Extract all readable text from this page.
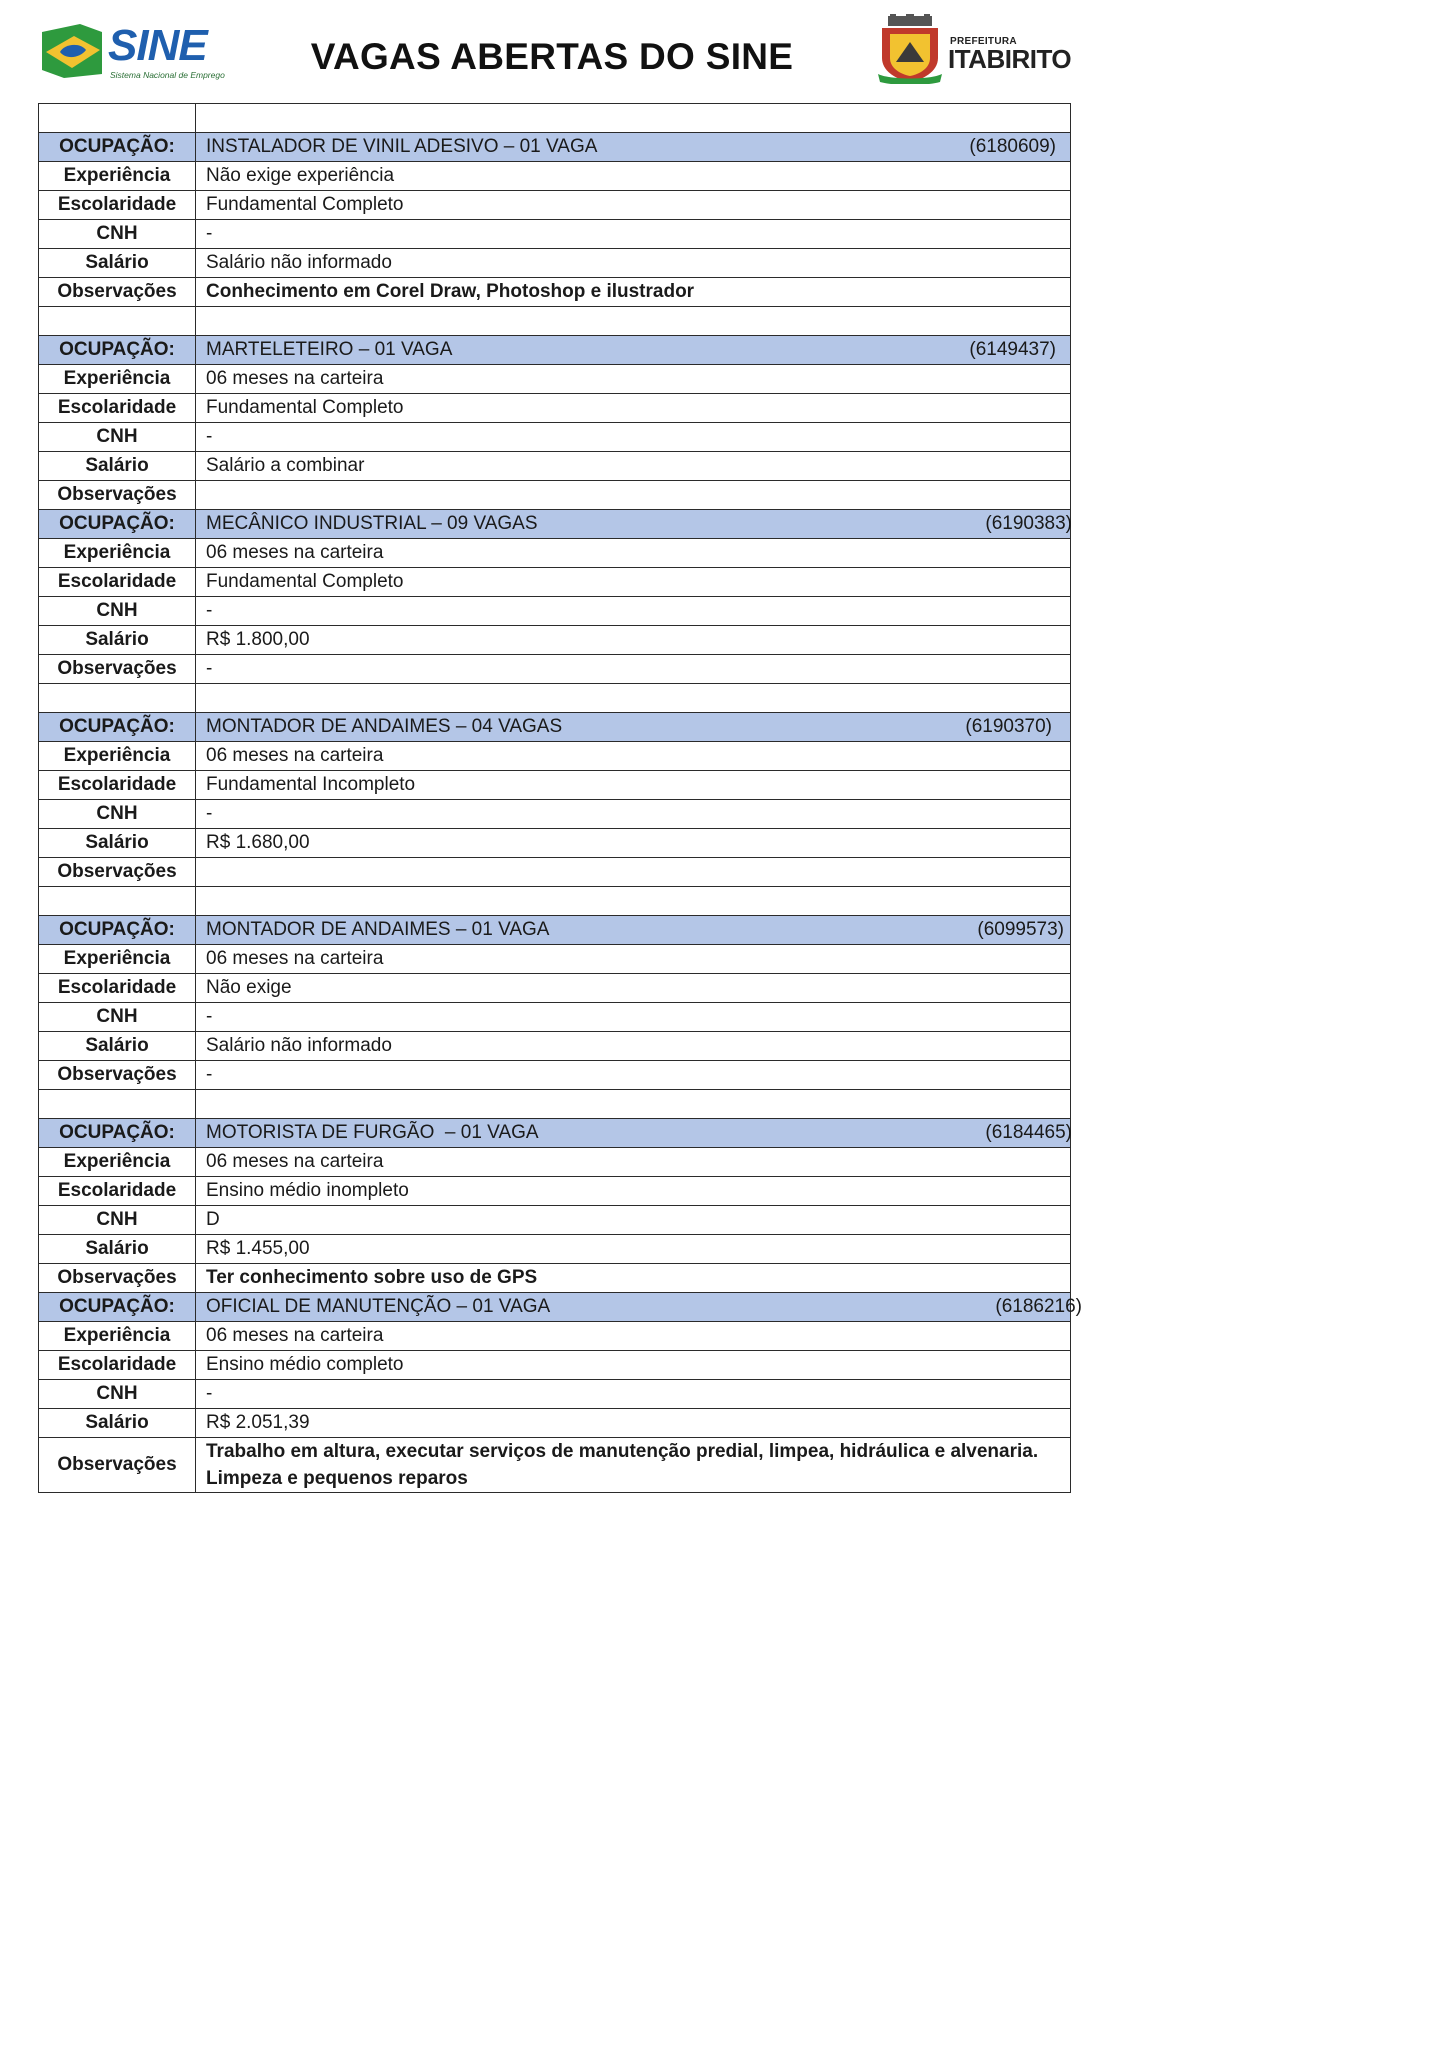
SINE
Sistema Nacional de Emprego	VAGAS ABERTAS DO SINE	PREFEITURA
ITABIRITO

OCUPAÇÃO:	INSTALADOR DE VINIL ADESIVO – 01 VAGA (6180609)

Experiência	Não exige experiência
Escolaridade	Fundamental Completo
CNH	-
Salário	Salário não informado
Observações	Conhecimento em Corel Draw, Photoshop e ilustrador

OCUPAÇÃO:	MARTELETEIRO – 01 VAGA (6149437)

Experiência	06 meses na carteira
Escolaridade	Fundamental Completo
CNH	-
Salário	Salário a combinar
Observações	
OCUPAÇÃO:	MECÂNICO INDUSTRIAL – 09 VAGAS (6190383)

Experiência	06 meses na carteira
Escolaridade	Fundamental Completo
CNH	-
Salário	R$ 1.800,00
Observações	-

OCUPAÇÃO:	MONTADOR DE ANDAIMES – 04 VAGAS (6190370)

Experiência	06 meses na carteira
Escolaridade	Fundamental Incompleto
CNH	-
Salário	R$ 1.680,00
Observações	

OCUPAÇÃO:	MONTADOR DE ANDAIMES – 01 VAGA (6099573)

Experiência	06 meses na carteira
Escolaridade	Não exige
CNH	-
Salário	Salário não informado
Observações	-

OCUPAÇÃO:	MOTORISTA DE FURGÃO  – 01 VAGA (6184465)

Experiência	06 meses na carteira
Escolaridade	Ensino médio inompleto
CNH	D
Salário	R$ 1.455,00
Observações	Ter conhecimento sobre uso de GPS
OCUPAÇÃO:	OFICIAL DE MANUTENÇÃO – 01 VAGA (6186216)

Experiência	06 meses na carteira
Escolaridade	Ensino médio completo
CNH	-
Salário	R$ 2.051,39
Observações	Trabalho em altura, executar serviços de manutenção predial, limpea, hidráulica e alvenaria. Limpeza e pequenos reparos
